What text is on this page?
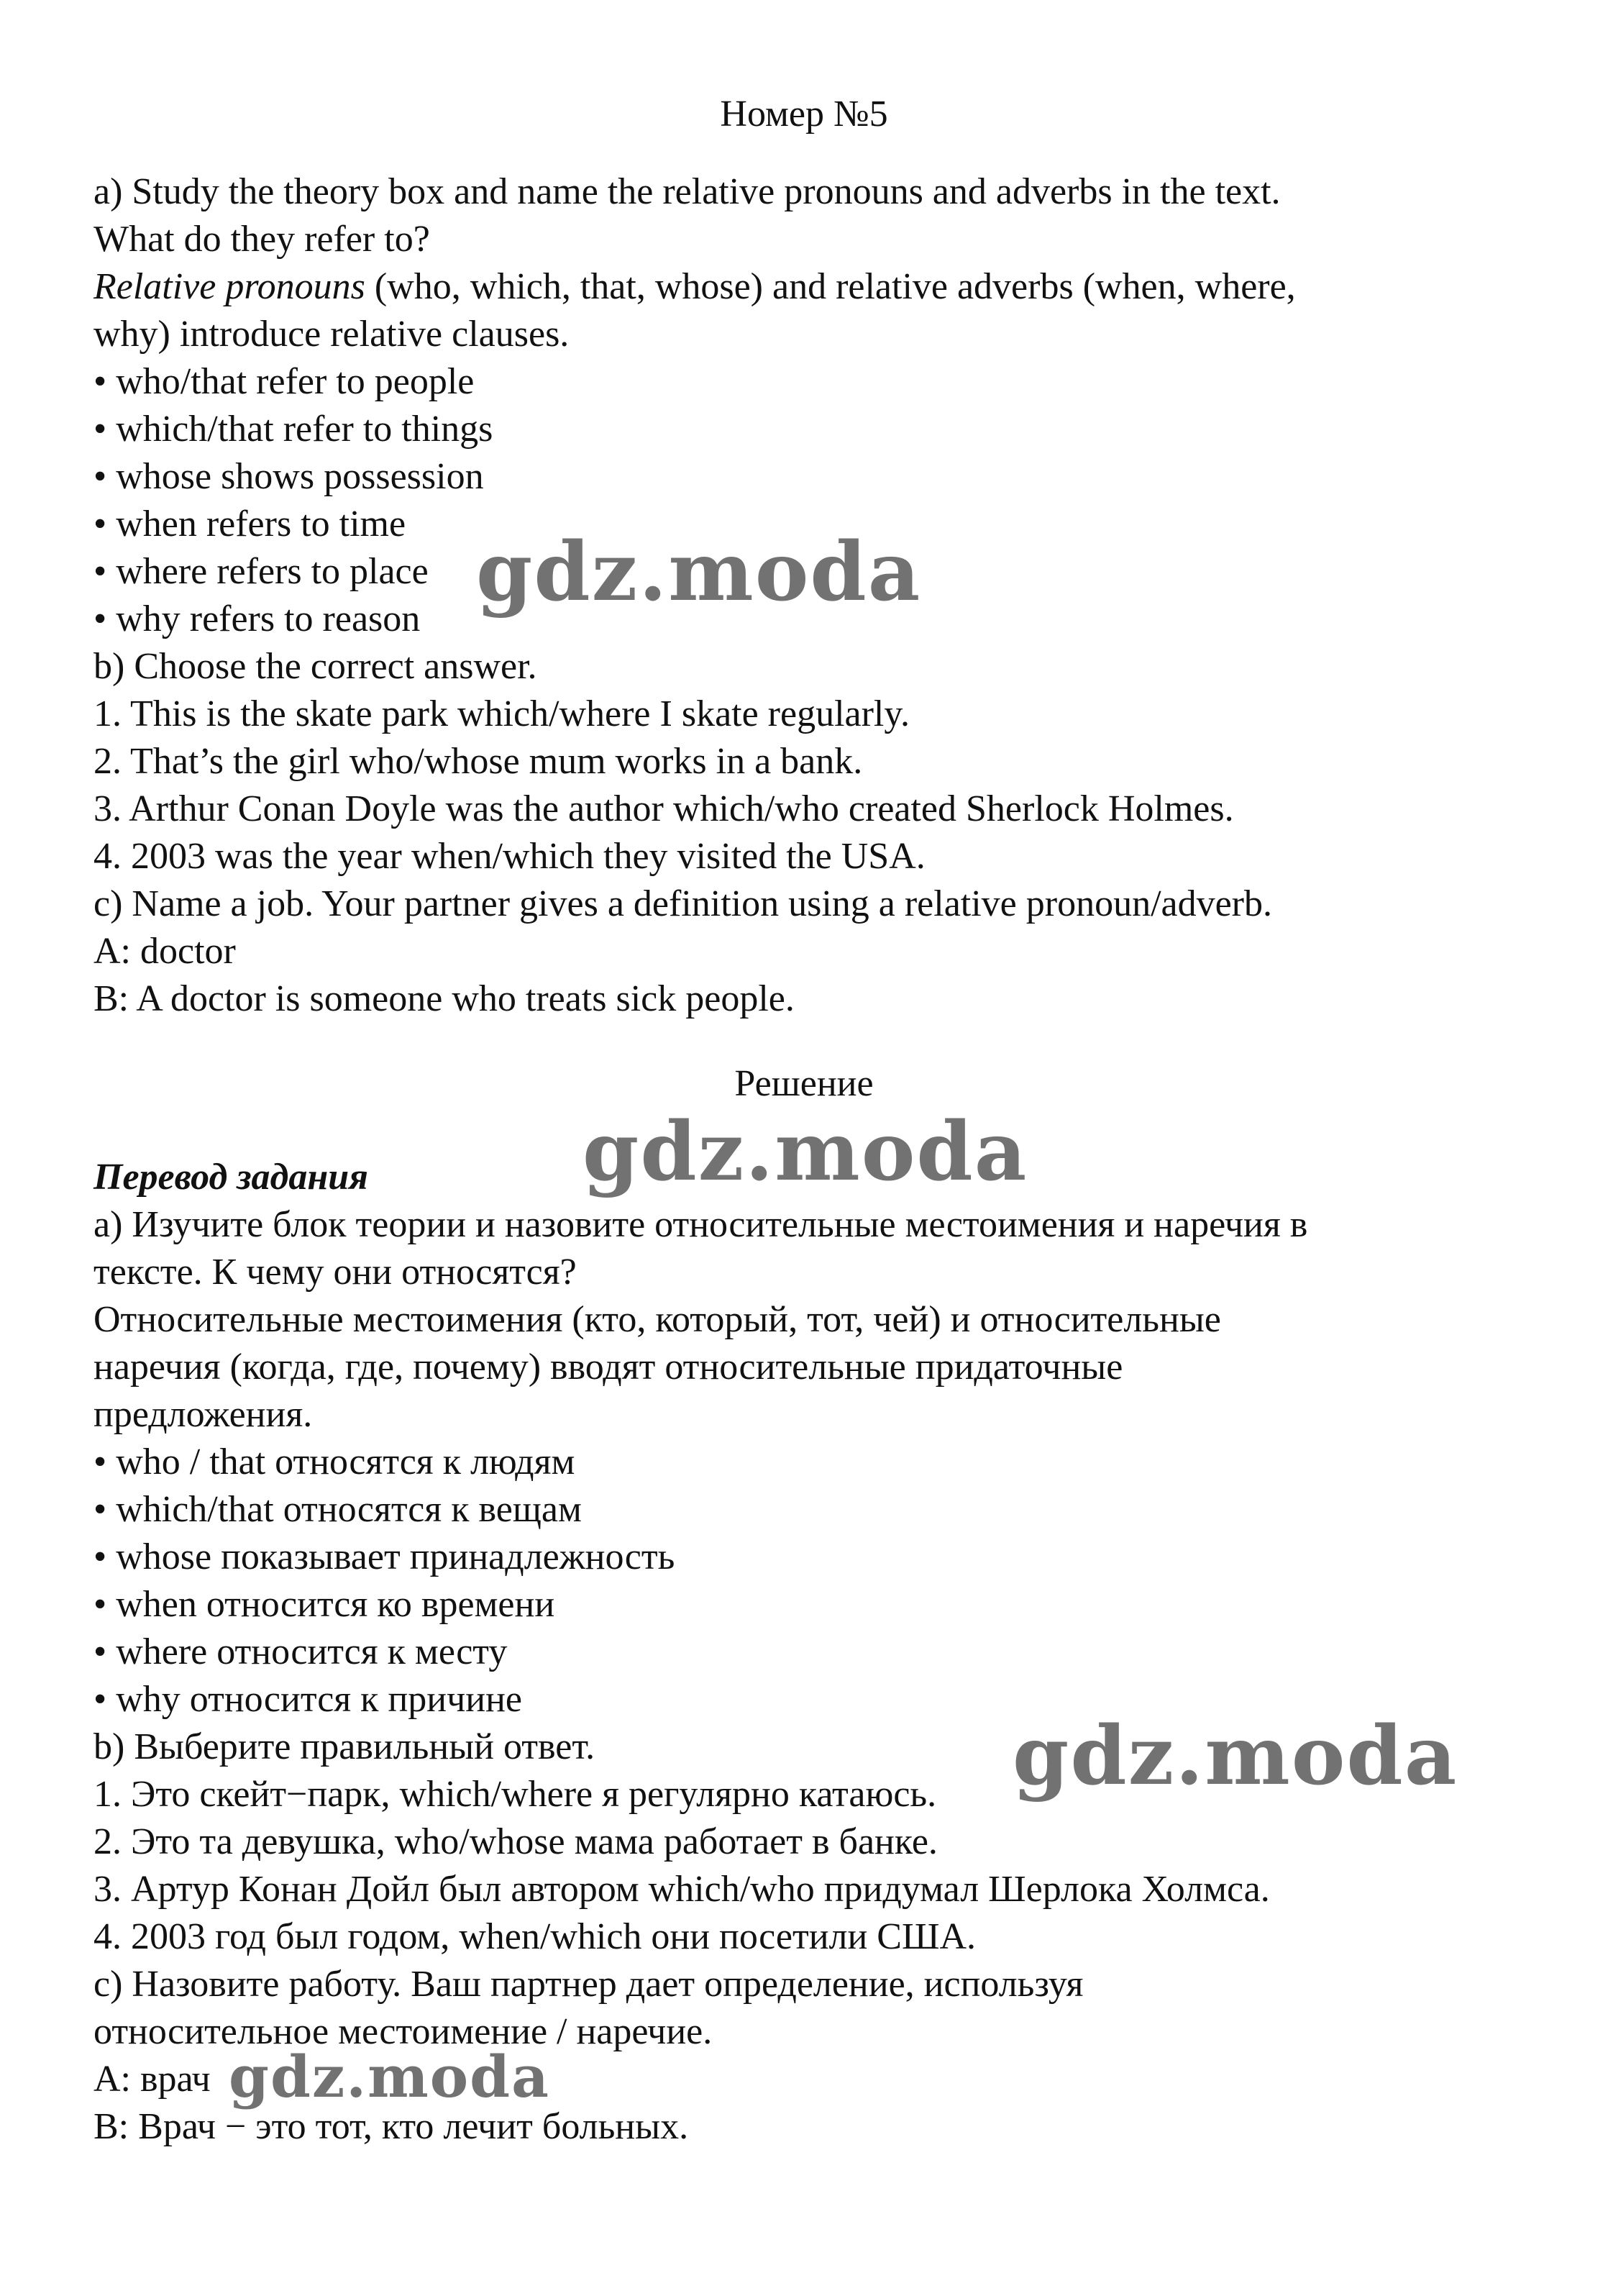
Номер №5
a) Study the theory box and name the relative pronouns and adverbs in the text.
What do they refer to?
Relative pronouns (who, which, that, whose) and relative adverbs (when, where,
why) introduce relative clauses.
• who/that refer to people
• which/that refer to things
• whose shows possession
• when refers to time
• where refers to place
• why refers to reason
b) Choose the correct answer.
1. This is the skate park which/where I skate regularly.
2. That’s the girl who/whose mum works in a bank.
3. Arthur Conan Doyle was the author which/who created Sherlock Holmes.
4. 2003 was the year when/which they visited the USA.
c) Name a job. Your partner gives a definition using a relative pronoun/adverb.
A: doctor
B: A doctor is someone who treats sick people.
Решение
Перевод задания
a) Изучите блок теории и назовите относительные местоимения и наречия в
тексте. К чему они относятся?
Относительные местоимения (кто, который, тот, чей) и относительные
наречия (когда, где, почему) вводят относительные придаточные
предложения.
• who / that относятся к людям
• which/that относятся к вещам
• whose показывает принадлежность
• when относится ко времени
• where относится к месту
• why относится к причине
b) Выберите правильный ответ.
1. Это скейт−парк, which/where я регулярно катаюсь.
2. Это та девушка, who/whose мама работает в банке.
3. Артур Конан Дойл был автором which/who придумал Шерлока Холмса.
4. 2003 год был годом, when/which они посетили США.
c) Назовите работу. Ваш партнер дает определение, используя
относительное местоимение / наречие.
A: врач
B: Врач − это тот, кто лечит больных.
gdz.moda
gdz.moda
gdz.moda
gdz.moda
